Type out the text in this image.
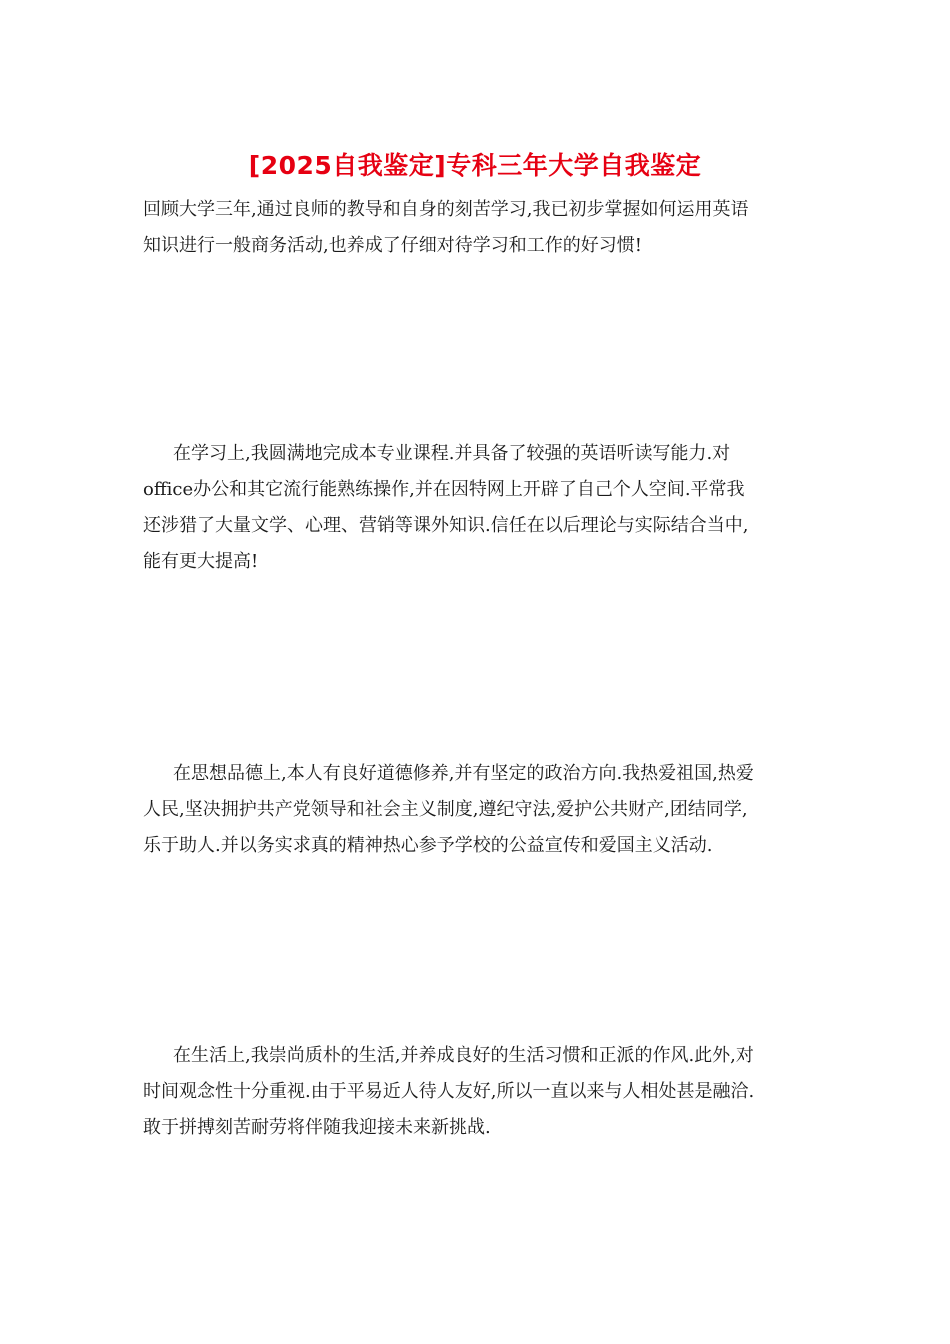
[2025自我鉴定]专科三年大学自我鉴定
回顾大学三年,通过良师的教导和自身的刻苦学习,我已初步掌握如何运用英语
知识进行一般商务活动,也养成了仔细对待学习和工作的好习惯!
在学习上,我圆满地完成本专业课程.并具备了较强的英语听读写能力.对
office办公和其它流行能熟练操作,并在因特网上开辟了自己个人空间.平常我
还涉猎了大量文学、心理、营销等课外知识.信任在以后理论与实际结合当中,
能有更大提高!
在思想品德上,本人有良好道德修养,并有坚定的政治方向.我热爱祖国,热爱
人民,坚决拥护共产党领导和社会主义制度,遵纪守法,爱护公共财产,团结同学,
乐于助人.并以务实求真的精神热心参予学校的公益宣传和爱国主义活动.
在生活上,我崇尚质朴的生活,并养成良好的生活习惯和正派的作风.此外,对
时间观念性十分重视.由于平易近人待人友好,所以一直以来与人相处甚是融洽.
敢于拼搏刻苦耐劳将伴随我迎接未来新挑战.
